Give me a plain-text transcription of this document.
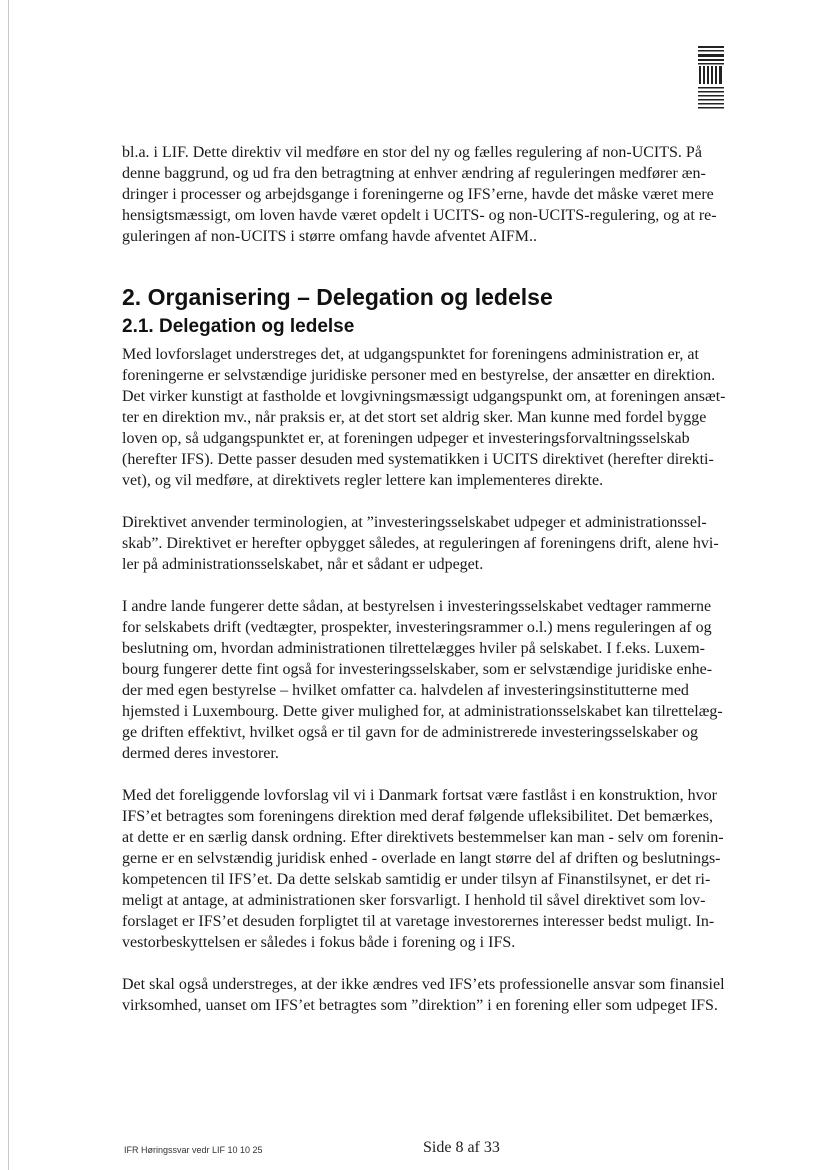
bl.a. i LIF. Dette direktiv vil medføre en stor del ny og fælles regulering af non-UCITS. På
denne baggrund, og ud fra den betragtning at enhver ændring af reguleringen medfører æn-
dringer i processer og arbejdsgange i foreningerne og IFS’erne, havde det måske været mere
hensigtsmæssigt, om loven havde været opdelt i UCITS- og non-UCITS-regulering, og at re-
guleringen af non-UCITS i større omfang havde afventet AIFM..

2. Organisering – Delegation og ledelse
2.1. Delegation og ledelse

Med lovforslaget understreges det, at udgangspunktet for foreningens administration er, at
foreningerne er selvstændige juridiske personer med en bestyrelse, der ansætter en direktion.
Det virker kunstigt at fastholde et lovgivningsmæssigt udgangspunkt om, at foreningen ansæt-
ter en direktion mv., når praksis er, at det stort set aldrig sker. Man kunne med fordel bygge
loven op, så udgangspunktet er, at foreningen udpeger et investeringsforvaltningsselskab
(herefter IFS). Dette passer desuden med systematikken i UCITS direktivet (herefter direkti-
vet), og vil medføre, at direktivets regler lettere kan implementeres direkte.

Direktivet anvender terminologien, at ”investeringsselskabet udpeger et administrationssel-
skab”. Direktivet er herefter opbygget således, at reguleringen af foreningens drift, alene hvi-
ler på administrationsselskabet, når et sådant er udpeget.

I andre lande fungerer dette sådan, at bestyrelsen i investeringsselskabet vedtager rammerne
for selskabets drift (vedtægter, prospekter, investeringsrammer o.l.) mens reguleringen af og
beslutning om, hvordan administrationen tilrettelægges hviler på selskabet. I f.eks. Luxem-
bourg fungerer dette fint også for investeringsselskaber, som er selvstændige juridiske enhe-
der med egen bestyrelse – hvilket omfatter ca. halvdelen af investeringsinstitutterne med
hjemsted i Luxembourg. Dette giver mulighed for, at administrationsselskabet kan tilrettelæg-
ge driften effektivt, hvilket også er til gavn for de administrerede investeringsselskaber og
dermed deres investorer.

Med det foreliggende lovforslag vil vi i Danmark fortsat være fastlåst i en konstruktion, hvor
IFS’et betragtes som foreningens direktion med deraf følgende ufleksibilitet. Det bemærkes,
at dette er en særlig dansk ordning. Efter direktivets bestemmelser kan man - selv om forenin-
gerne er en selvstændig juridisk enhed - overlade en langt større del af driften og beslutnings-
kompetencen til IFS’et. Da dette selskab samtidig er under tilsyn af Finanstilsynet, er det ri-
meligt at antage, at administrationen sker forsvarligt. I henhold til såvel direktivet som lov-
forslaget er IFS’et desuden forpligtet til at varetage investorernes interesser bedst muligt. In-
vestorbeskyttelsen er således i fokus både i forening og i IFS.

Det skal også understreges, at der ikke ændres ved IFS’ets professionelle ansvar som finansiel
virksomhed, uanset om IFS’et betragtes som ”direktion” i en forening eller som udpeget IFS.

IFR Høringssvar vedr LIF 10 10 25	Side 8 af 33
